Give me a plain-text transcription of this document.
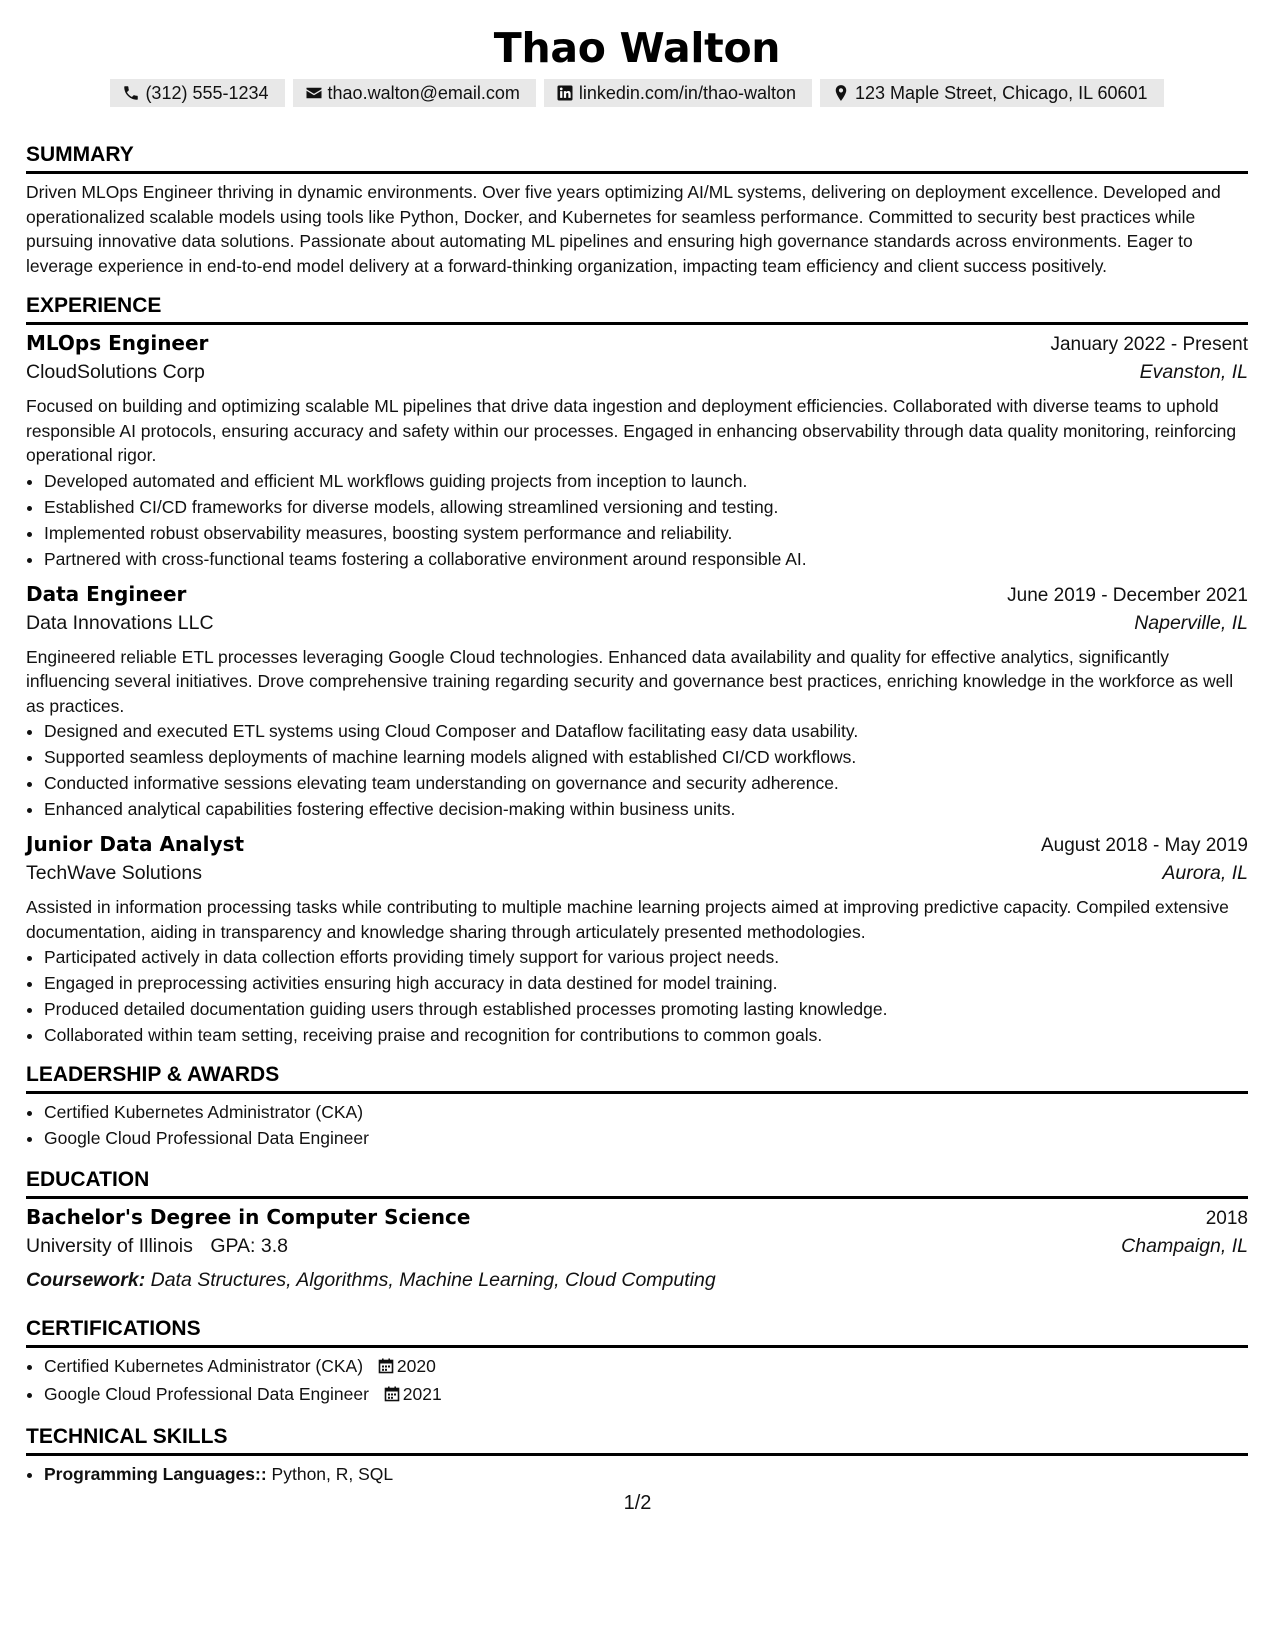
Thao Walton
(312) 555-1234	thao.walton@email.com	linkedin.com/in/thao-walton	123 Maple Street, Chicago, IL 60601
SUMMARY

Driven MLOps Engineer thriving in dynamic environments. Over five years optimizing AI/ML systems, delivering on deployment excellence. Developed and operationalized scalable models using tools like Python, Docker, and Kubernetes for seamless performance. Committed to security best practices while pursuing innovative data solutions. Passionate about automating ML pipelines and ensuring high governance standards across environments. Eager to leverage experience in end-to-end model delivery at a forward-thinking organization, impacting team efficiency and client success positively.

EXPERIENCE
MLOps Engineer	January 2022 - Present
CloudSolutions Corp	Evanston, IL

Focused on building and optimizing scalable ML pipelines that drive data ingestion and deployment efficiencies. Collaborated with diverse teams to uphold responsible AI protocols, ensuring accuracy and safety within our processes. Engaged in enhancing observability through data quality monitoring, reinforcing operational rigor.

• Developed automated and efficient ML workflows guiding projects from inception to launch.
• Established CI/CD frameworks for diverse models, allowing streamlined versioning and testing.
• Implemented robust observability measures, boosting system performance and reliability.
• Partnered with cross-functional teams fostering a collaborative environment around responsible AI.
Data Engineer	June 2019 - December 2021
Data Innovations LLC	Naperville, IL

Engineered reliable ETL processes leveraging Google Cloud technologies. Enhanced data availability and quality for effective analytics, significantly influencing several initiatives. Drove comprehensive training regarding security and governance best practices, enriching knowledge in the workforce as well as practices.

• Designed and executed ETL systems using Cloud Composer and Dataflow facilitating easy data usability.
• Supported seamless deployments of machine learning models aligned with established CI/CD workflows.
• Conducted informative sessions elevating team understanding on governance and security adherence.
• Enhanced analytical capabilities fostering effective decision-making within business units.
Junior Data Analyst	August 2018 - May 2019
TechWave Solutions	Aurora, IL

Assisted in information processing tasks while contributing to multiple machine learning projects aimed at improving predictive capacity. Compiled extensive documentation, aiding in transparency and knowledge sharing through articulately presented methodologies.

• Participated actively in data collection efforts providing timely support for various project needs.
• Engaged in preprocessing activities ensuring high accuracy in data destined for model training.
• Produced detailed documentation guiding users through established processes promoting lasting knowledge.
• Collaborated within team setting, receiving praise and recognition for contributions to common goals.
LEADERSHIP & AWARDS
• Certified Kubernetes Administrator (CKA)
• Google Cloud Professional Data Engineer
EDUCATION
Bachelor's Degree in Computer Science	2018
University of Illinois GPA: 3.8	Champaign, IL
Coursework: Data Structures, Algorithms, Machine Learning, Cloud Computing
CERTIFICATIONS
• Certified Kubernetes Administrator (CKA) 2020
• Google Cloud Professional Data Engineer 2021
TECHNICAL SKILLS
• Programming Languages:: Python, R, SQL
1/2
